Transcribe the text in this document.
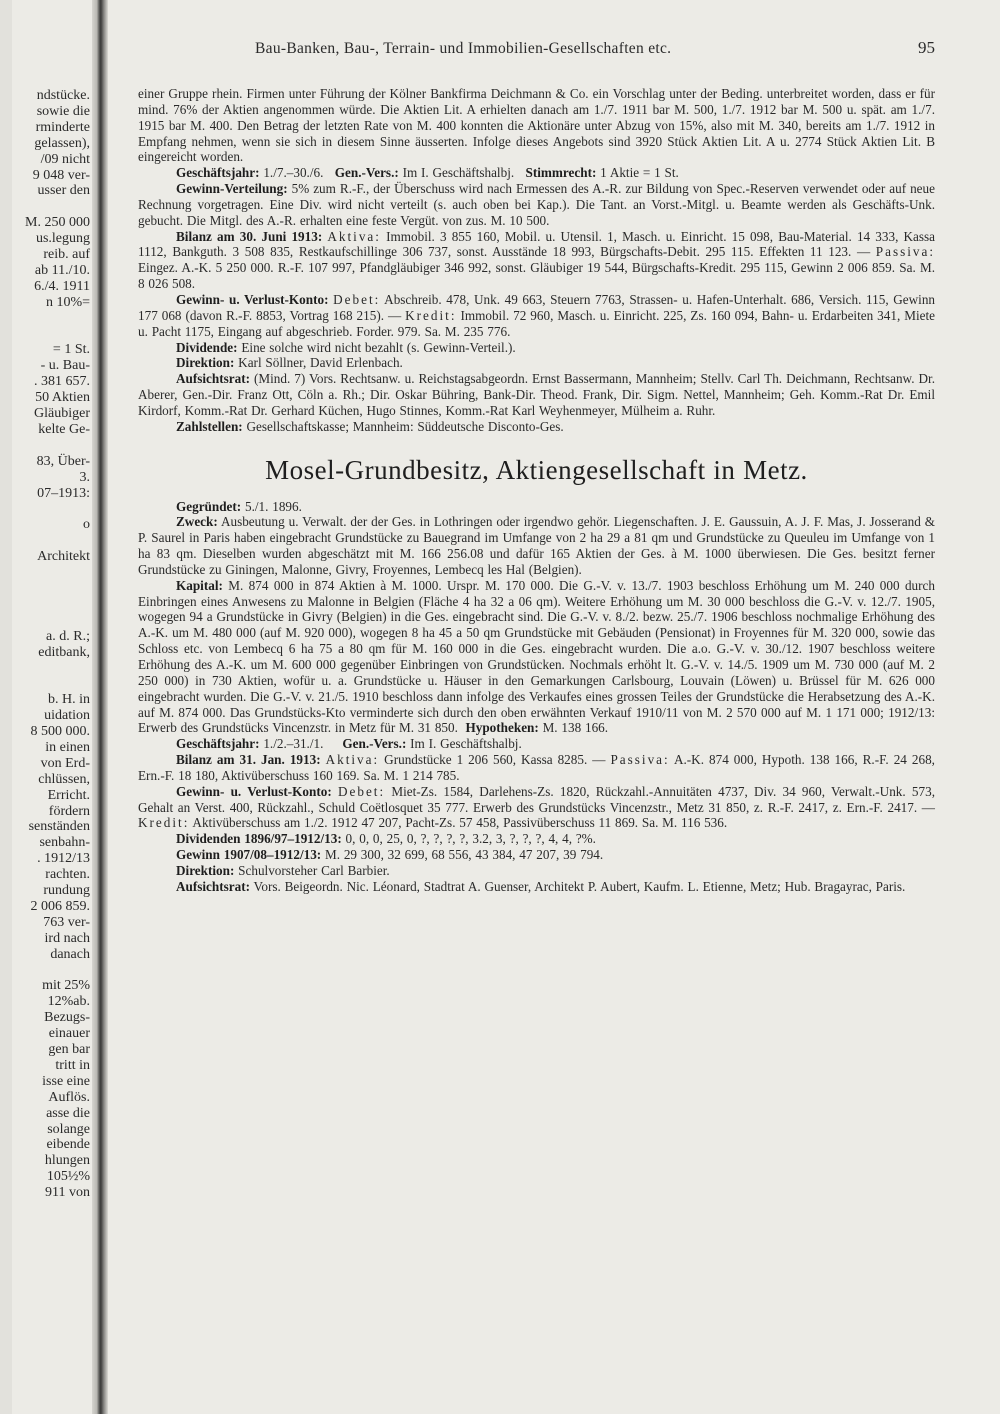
ndstücke.
sowie die
rminderte
gelassen),
/09 nicht
9 048 ver-
usser den
M. 250 000
us.legung
reib. auf
ab 11./10.
6./4. 1911
n 10%=
= 1 St.
- u. Bau-
. 381 657.
50 Aktien
Gläubiger
kelte Ge-
83, Über-
3.
07–1913:
o
Architekt
a. d. R.;
editbank,
b. H. in
uidation
8 500 000.
in einen
von Erd-
chlüssen,
Erricht.
fördern
senständen
senbahn-
. 1912/13
rachten.
rundung
2 006 859.
763 ver-
ird nach
danach
mit 25%
12%ab.
Bezugs-
einauer
gen bar
tritt in
isse eine
Auflös.
asse die
solange
eibende
hlungen
105½%
911 von
Bau-Banken, Bau-, Terrain- und Immobilien-Gesellschaften etc.	95

einer Gruppe rhein. Firmen unter Führung der Kölner Bankfirma Deichmann & Co. ein Vorschlag unter der Beding. unterbreitet worden, dass er für mind. 76% der Aktien angenommen würde. Die Aktien Lit. A erhielten danach am 1./7. 1911 bar M. 500, 1./7. 1912 bar M. 500 u. spät. am 1./7. 1915 bar M. 400. Den Betrag der letzten Rate von M. 400 konnten die Aktionäre unter Abzug von 15%, also mit M. 340, bereits am 1./7. 1912 in Empfang nehmen, wenn sie sich in diesem Sinne äusserten. Infolge dieses Angebots sind 3920 Stück Aktien Lit. A u. 2774 Stück Aktien Lit. B eingereicht worden.

Geschäftsjahr: 1./7.–30./6. Gen.-Vers.: Im I. Geschäftshalbj. Stimmrecht: 1 Aktie = 1 St.

Gewinn-Verteilung: 5% zum R.-F., der Überschuss wird nach Ermessen des A.-R. zur Bildung von Spec.-Reserven verwendet oder auf neue Rechnung vorgetragen. Eine Div. wird nicht verteilt (s. auch oben bei Kap.). Die Tant. an Vorst.-Mitgl. u. Beamte werden als Geschäfts-Unk. gebucht. Die Mitgl. des A.-R. erhalten eine feste Vergüt. von zus. M. 10 500.

Bilanz am 30. Juni 1913: Aktiva: Immobil. 3 855 160, Mobil. u. Utensil. 1, Masch. u. Einricht. 15 098, Bau-Material. 14 333, Kassa 1112, Bankguth. 3 508 835, Restkaufschillinge 306 737, sonst. Ausstände 18 993, Bürgschafts-Debit. 295 115. Effekten 11 123. — Passiva: Eingez. A.-K. 5 250 000. R.-F. 107 997, Pfandgläubiger 346 992, sonst. Gläubiger 19 544, Bürgschafts-Kredit. 295 115, Gewinn 2 006 859. Sa. M. 8 026 508.

Gewinn- u. Verlust-Konto: Debet: Abschreib. 478, Unk. 49 663, Steuern 7763, Strassen- u. Hafen-Unterhalt. 686, Versich. 115, Gewinn 177 068 (davon R.-F. 8853, Vortrag 168 215). — Kredit: Immobil. 72 960, Masch. u. Einricht. 225, Zs. 160 094, Bahn- u. Erdarbeiten 341, Miete u. Pacht 1175, Eingang auf abgeschrieb. Forder. 979. Sa. M. 235 776.

Dividende: Eine solche wird nicht bezahlt (s. Gewinn-Verteil.).

Direktion: Karl Söllner, David Erlenbach.

Aufsichtsrat: (Mind. 7) Vors. Rechtsanw. u. Reichstagsabgeordn. Ernst Bassermann, Mannheim; Stellv. Carl Th. Deichmann, Rechtsanw. Dr. Aberer, Gen.-Dir. Franz Ott, Cöln a. Rh.; Dir. Oskar Bühring, Bank-Dir. Theod. Frank, Dir. Sigm. Nettel, Mannheim; Geh. Komm.-Rat Dr. Emil Kirdorf, Komm.-Rat Dr. Gerhard Küchen, Hugo Stinnes, Komm.-Rat Karl Weyhenmeyer, Mülheim a. Ruhr.

Zahlstellen: Gesellschaftskasse; Mannheim: Süddeutsche Disconto-Ges.

Mosel-Grundbesitz, Aktiengesellschaft in Metz.

Gegründet: 5./1. 1896.

Zweck: Ausbeutung u. Verwalt. der der Ges. in Lothringen oder irgendwo gehör. Liegenschaften. J. E. Gaussuin, A. J. F. Mas, J. Josserand & P. Saurel in Paris haben eingebracht Grundstücke zu Bauegrand im Umfange von 2 ha 29 a 81 qm und Grundstücke zu Queuleu im Umfange von 1 ha 83 qm. Dieselben wurden abgeschätzt mit M. 166 256.08 und dafür 165 Aktien der Ges. à M. 1000 überwiesen. Die Ges. besitzt ferner Grundstücke zu Giningen, Malonne, Givry, Froyennes, Lembecq les Hal (Belgien).

Kapital: M. 874 000 in 874 Aktien à M. 1000. Urspr. M. 170 000. Die G.-V. v. 13./7. 1903 beschloss Erhöhung um M. 240 000 durch Einbringen eines Anwesens zu Malonne in Belgien (Fläche 4 ha 32 a 06 qm). Weitere Erhöhung um M. 30 000 beschloss die G.-V. v. 12./7. 1905, wogegen 94 a Grundstücke in Givry (Belgien) in die Ges. eingebracht sind. Die G.-V. v. 8./2. bezw. 25./7. 1906 beschloss nochmalige Erhöhung des A.-K. um M. 480 000 (auf M. 920 000), wogegen 8 ha 45 a 50 qm Grundstücke mit Gebäuden (Pensionat) in Froyennes für M. 320 000, sowie das Schloss etc. von Lembecq 6 ha 75 a 80 qm für M. 160 000 in die Ges. eingebracht wurden. Die a.o. G.-V. v. 30./12. 1907 beschloss weitere Erhöhung des A.-K. um M. 600 000 gegenüber Einbringen von Grundstücken. Nochmals erhöht lt. G.-V. v. 14./5. 1909 um M. 730 000 (auf M. 2 250 000) in 730 Aktien, wofür u. a. Grundstücke u. Häuser in den Gemarkungen Carlsbourg, Louvain (Löwen) u. Brüssel für M. 626 000 eingebracht wurden. Die G.-V. v. 21./5. 1910 beschloss dann infolge des Verkaufes eines grossen Teiles der Grundstücke die Herabsetzung des A.-K. auf M. 874 000. Das Grundstücks-Kto verminderte sich durch den oben erwähnten Verkauf 1910/11 von M. 2 570 000 auf M. 1 171 000; 1912/13: Erwerb des Grundstücks Vincenzstr. in Metz für M. 31 850. Hypotheken: M. 138 166.

Geschäftsjahr: 1./2.–31./1. Gen.-Vers.: Im I. Geschäftshalbj.

Bilanz am 31. Jan. 1913: Aktiva: Grundstücke 1 206 560, Kassa 8285. — Passiva: A.-K. 874 000, Hypoth. 138 166, R.-F. 24 268, Ern.-F. 18 180, Aktivüberschuss 160 169. Sa. M. 1 214 785.

Gewinn- u. Verlust-Konto: Debet: Miet-Zs. 1584, Darlehens-Zs. 1820, Rückzahl.-Annuitäten 4737, Div. 34 960, Verwalt.-Unk. 573, Gehalt an Verst. 400, Rückzahl., Schuld Coëtlosquet 35 777. Erwerb des Grundstücks Vincenzstr., Metz 31 850, z. R.-F. 2417, z. Ern.-F. 2417. — Kredit: Aktivüberschuss am 1./2. 1912 47 207, Pacht-Zs. 57 458, Passivüberschuss 11 869. Sa. M. 116 536.

Dividenden 1896/97–1912/13: 0, 0, 0, 25, 0, ?, ?, ?, ?, 3.2, 3, ?, ?, ?, 4, 4, ?%.

Gewinn 1907/08–1912/13: M. 29 300, 32 699, 68 556, 43 384, 47 207, 39 794.

Direktion: Schulvorsteher Carl Barbier.

Aufsichtsrat: Vors. Beigeordn. Nic. Léonard, Stadtrat A. Guenser, Architekt P. Aubert, Kaufm. L. Etienne, Metz; Hub. Bragayrac, Paris.
